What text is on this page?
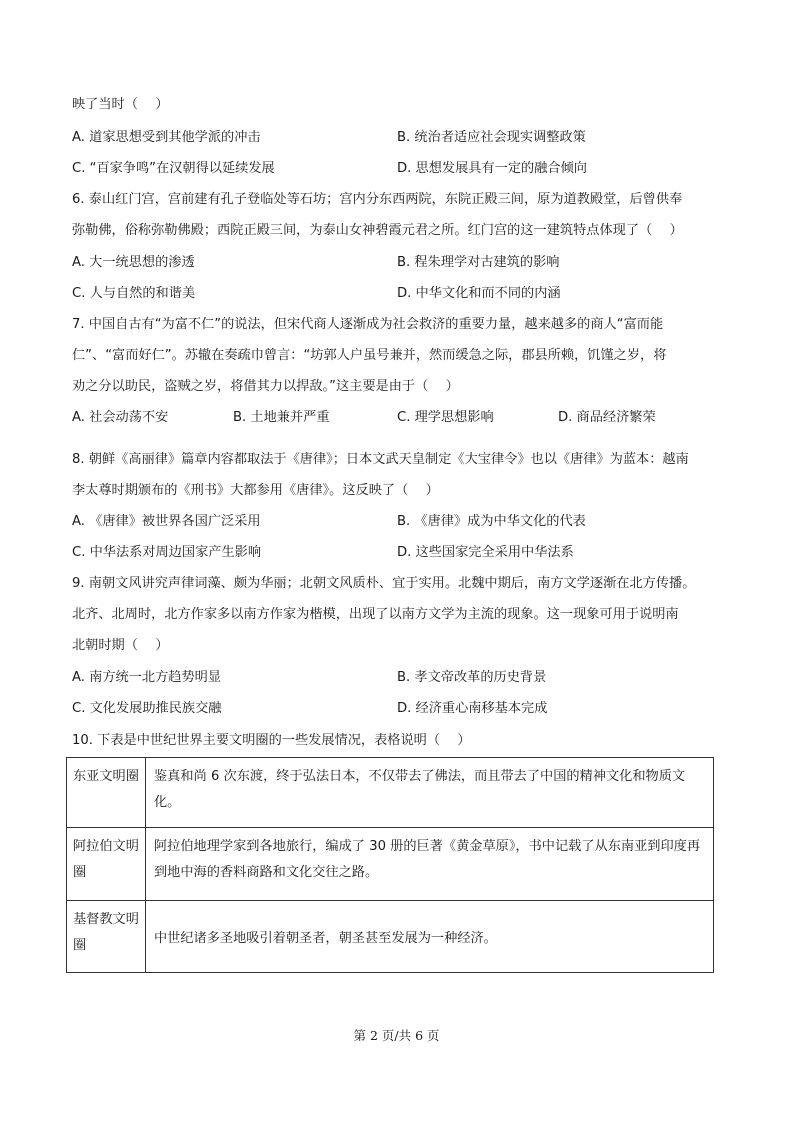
映了当时（　 ）
A. 道家思想受到其他学派的冲击	B. 统治者适应社会现实调整政策
C. “百家争鸣”在汉朝得以延续发展	D. 思想发展具有一定的融合倾向
6. 泰山红门宫，宫前建有孔子登临处等石坊；宫内分东西两院，东院正殿三间，原为道教殿堂，后曾供奉
弥勒佛，俗称弥勒佛殿；西院正殿三间，为泰山女神碧霞元君之所。红门宫的这一建筑特点体现了（　 ）
A. 大一统思想的渗透	B. 程朱理学对古建筑的影响
C. 人与自然的和谐美	D. 中华文化和而不同的内涵
7. 中国自古有“为富不仁”的说法，但宋代商人逐渐成为社会救济的重要力量，越来越多的商人“富而能
仁”、“富而好仁”。苏辙在奏疏巾曾言：“坊郭人户虽号兼并，然而缓急之际，郡县所赖，饥馑之岁，将
劝之分以助民，盗贼之岁，将借其力以捍敌。”这主要是由于（　 ）
A. 社会动荡不安	B. 土地兼并严重	C. 理学思想影响	D. 商品经济繁荣
8. 朝鲜《高丽律》篇章内容都取法于《唐律》；日本文武天皇制定《大宝律令》也以《唐律》为蓝本：越南
李太尊时期颁布的《刑书》大都参用《唐律》。这反映了（　 ）
A. 《唐律》被世界各国广泛采用	B. 《唐律》成为中华文化的代表
C. 中华法系对周边国家产生影响	D. 这些国家完全采用中华法系
9. 南朝文风讲究声律词藻、颇为华丽；北朝文风质朴、宜于实用。北魏中期后，南方文学逐渐在北方传播。
北齐、北周时，北方作家多以南方作家为楷模，出现了以南方文学为主流的现象。这一现象可用于说明南
北朝时期（　 ）
A. 南方统一北方趋势明显	B. 孝文帝改革的历史背景
C. 文化发展助推民族交融	D. 经济重心南移基本完成
10. 下表是中世纪世界主要文明圈的一些发展情况，表格说明（　 ）
东亚文明圈	鉴真和尚 6 次东渡，终于弘法日本，不仅带去了佛法，而且带去了中国的精神文化和物质文化。
阿拉伯文明圈	阿拉伯地理学家到各地旅行，编成了 30 册的巨著《黄金草原》，书中记载了从东南亚到印度再到地中海的香料商路和文化交往之路。
基督教文明圈	中世纪诸多圣地吸引着朝圣者，朝圣甚至发展为一种经济。
第 2 页/共 6 页
